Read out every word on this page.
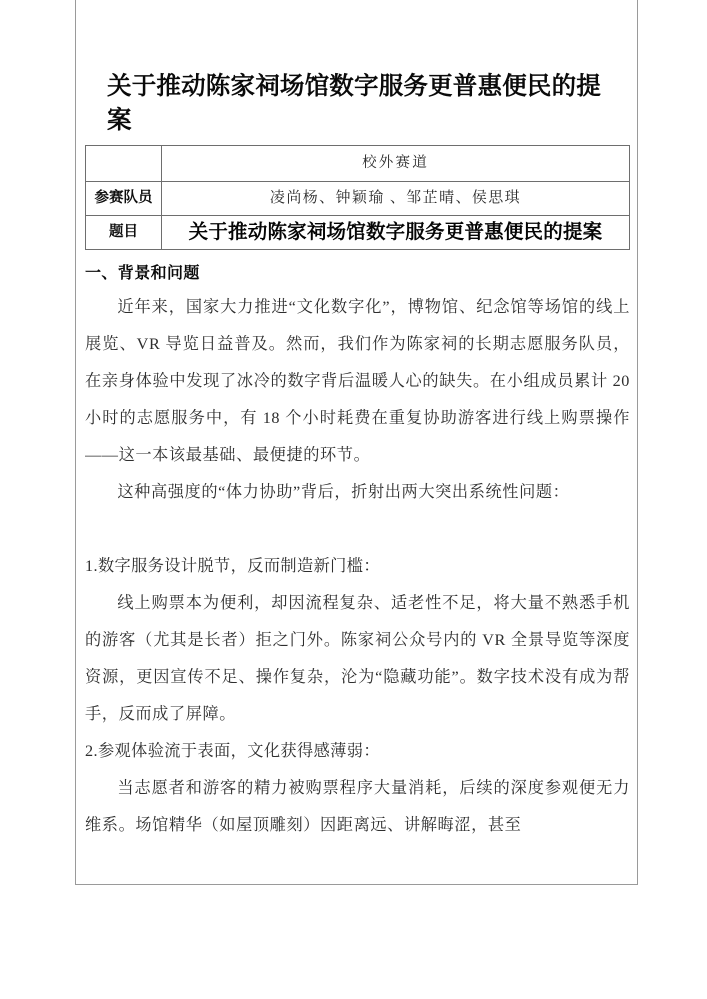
关于推动陈家祠场馆数字服务更普惠便民的提案
	校外赛道
参赛队员	凌尚杨、钟颖瑜 、邹芷晴、侯思琪
题目	关于推动陈家祠场馆数字服务更普惠便民的提案
一、背景和问题

近年来，国家大力推进“文化数字化”，博物馆、纪念馆等场馆的线上展览、VR 导览日益普及。然而，我们作为陈家祠的长期志愿服务队员，在亲身体验中发现了冰冷的数字背后温暖人心的缺失。在小组成员累计 20 小时的志愿服务中，有 18 个小时耗费在重复协助游客进行线上购票操作——这一本该最基础、最便捷的环节。

这种高强度的“体力协助”背后，折射出两大突出系统性问题：

1.数字服务设计脱节，反而制造新门槛：

线上购票本为便利，却因流程复杂、适老性不足，将大量不熟悉手机的游客（尤其是长者）拒之门外。陈家祠公众号内的 VR 全景导览等深度资源，更因宣传不足、操作复杂，沦为“隐藏功能”。数字技术没有成为帮手，反而成了屏障。

2.参观体验流于表面，文化获得感薄弱：

当志愿者和游客的精力被购票程序大量消耗，后续的深度参观便无力维系。场馆精华（如屋顶雕刻）因距离远、讲解晦涩，甚至
